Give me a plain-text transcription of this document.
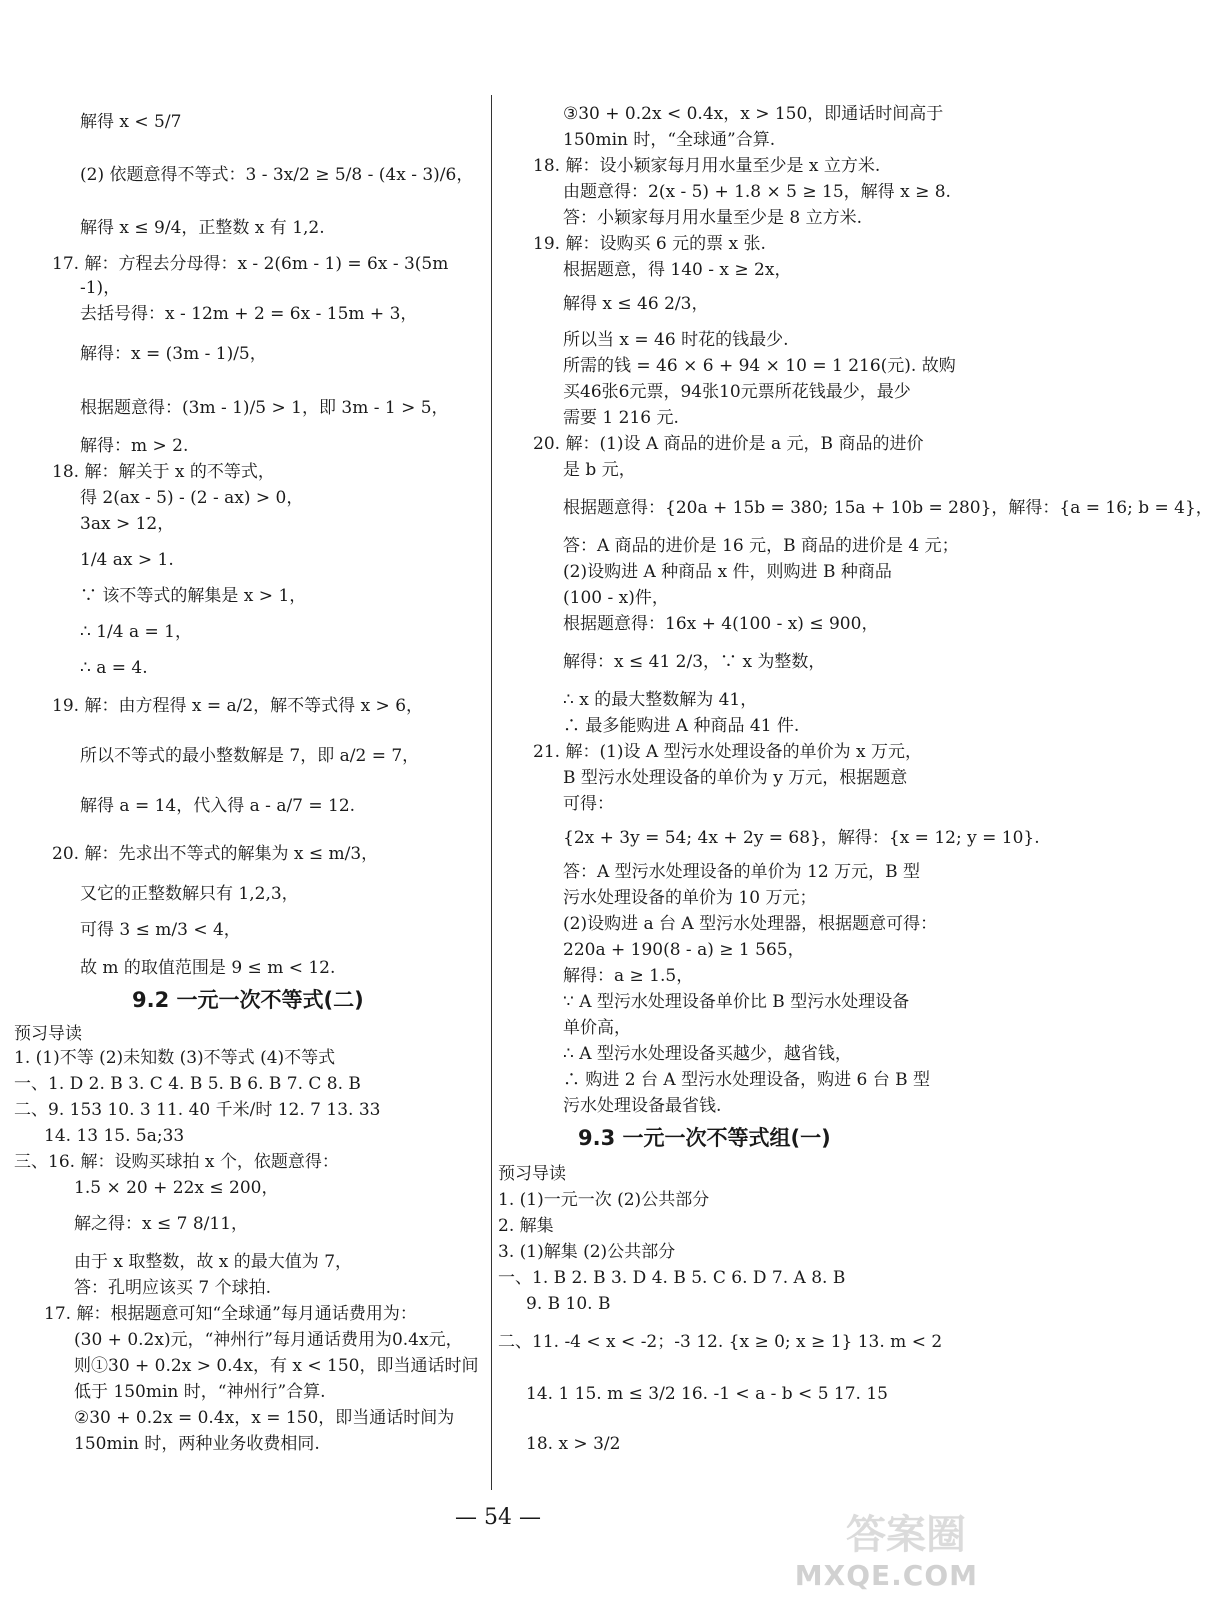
解得 x < 5/7
(2) 依题意得不等式：3 - 3x/2 ≥ 5/8 - (4x - 3)/6，
解得 x ≤ 9/4，正整数 x 有 1,2.
17. 解：方程去分母得：x - 2(6m - 1) = 6x - 3(5m
-1)，
去括号得：x - 12m + 2 = 6x - 15m + 3，
解得：x = (3m - 1)/5，
根据题意得：(3m - 1)/5 > 1，即 3m - 1 > 5，
解得：m > 2.
18. 解：解关于 x 的不等式，
得 2(ax - 5) - (2 - ax) > 0，
3ax > 12，
1/4 ax > 1.
∵ 该不等式的解集是 x > 1，
∴ 1/4 a = 1，
∴ a = 4.
19. 解：由方程得 x = a/2，解不等式得 x > 6，
所以不等式的最小整数解是 7，即 a/2 = 7，
解得 a = 14，代入得 a - a/7 = 12.
20. 解：先求出不等式的解集为 x ≤ m/3，
又它的正整数解只有 1,2,3，
可得 3 ≤ m/3 < 4，
故 m 的取值范围是 9 ≤ m < 12.
预习导读
1. (1)不等 (2)未知数 (3)不等式 (4)不等式
一、1. D 2. B 3. C 4. B 5. B 6. B 7. C 8. B
二、9. 153 10. 3 11. 40 千米/时 12. 7 13. 33
14. 13 15. 5a;33
三、16. 解：设购买球拍 x 个，依题意得：
1.5 × 20 + 22x ≤ 200，
解之得：x ≤ 7 8/11，
由于 x 取整数，故 x 的最大值为 7，
答：孔明应该买 7 个球拍.
17. 解：根据题意可知“全球通”每月通话费用为：
(30 + 0.2x)元，“神州行”每月通话费用为0.4x元，
则①30 + 0.2x > 0.4x，有 x < 150，即当通话时间
低于 150min 时，“神州行”合算.
②30 + 0.2x = 0.4x，x = 150，即当通话时间为
150min 时，两种业务收费相同.
③30 + 0.2x < 0.4x，x > 150，即通话时间高于
150min 时，“全球通”合算.
18. 解：设小颖家每月用水量至少是 x 立方米.
由题意得：2(x - 5) + 1.8 × 5 ≥ 15，解得 x ≥ 8.
答：小颖家每月用水量至少是 8 立方米.
19. 解：设购买 6 元的票 x 张.
根据题意，得 140 - x ≥ 2x，
解得 x ≤ 46 2/3，
所以当 x = 46 时花的钱最少.
所需的钱 = 46 × 6 + 94 × 10 = 1 216(元). 故购
买46张6元票，94张10元票所花钱最少，最少
需要 1 216 元.
20. 解：(1)设 A 商品的进价是 a 元，B 商品的进价
是 b 元，
根据题意得：{20a + 15b = 380; 15a + 10b = 280}，解得：{a = 16; b = 4}，
答：A 商品的进价是 16 元，B 商品的进价是 4 元；
(2)设购进 A 种商品 x 件，则购进 B 种商品
(100 - x)件，
根据题意得：16x + 4(100 - x) ≤ 900，
解得：x ≤ 41 2/3，∵ x 为整数，
∴ x 的最大整数解为 41，
∴ 最多能购进 A 种商品 41 件.
21. 解：(1)设 A 型污水处理设备的单价为 x 万元，
B 型污水处理设备的单价为 y 万元，根据题意
可得：
{2x + 3y = 54; 4x + 2y = 68}，解得：{x = 12; y = 10}.
答：A 型污水处理设备的单价为 12 万元，B 型
污水处理设备的单价为 10 万元；
(2)设购进 a 台 A 型污水处理器，根据题意可得：
220a + 190(8 - a) ≥ 1 565，
解得：a ≥ 1.5，
∵ A 型污水处理设备单价比 B 型污水处理设备
单价高，
∴ A 型污水处理设备买越少，越省钱，
∴ 购进 2 台 A 型污水处理设备，购进 6 台 B 型
污水处理设备最省钱.
预习导读
1. (1)一元一次 (2)公共部分
2. 解集
3. (1)解集 (2)公共部分
一、1. B 2. B 3. D 4. B 5. C 6. D 7. A 8. B
9. B 10. B
二、11. -4 < x < -2；-3 12. {x ≥ 0; x ≥ 1} 13. m < 2
14. 1 15. m ≤ 3/2 16. -1 < a - b < 5 17. 15
18. x > 3/2
9.2 一元一次不等式(二)
9.3 一元一次不等式组(一)
— 54 —	答案圈
MXQE.COM
